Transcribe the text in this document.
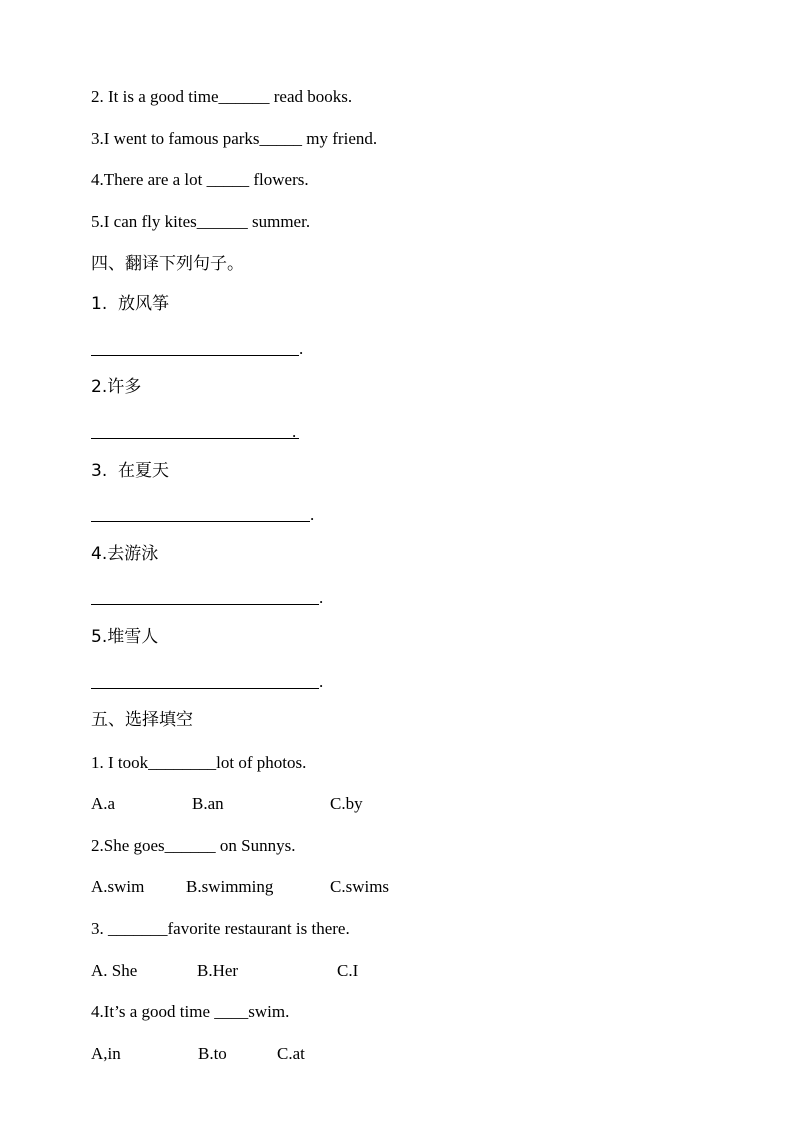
2. It is a good time______ read books.
3.I went to famous parks_____ my friend.
4.There are a lot _____ flowers.
5.I can fly kites______ summer.
四、翻译下列句子。
1.  放风筝
.
2.许多
.
3.  在夏天
.
4.去游泳
.
5.堆雪人
.
五、选择填空
1. I took________lot of photos.
A.a	B.an	C.by
2.She goes______ on Sunnys.
A.swim B.swimming	C.swims
3. _______favorite restaurant is there.
A. She	B.Her	C.I
4.It’s a good time ____swim.
A,in	B.to	C.at
